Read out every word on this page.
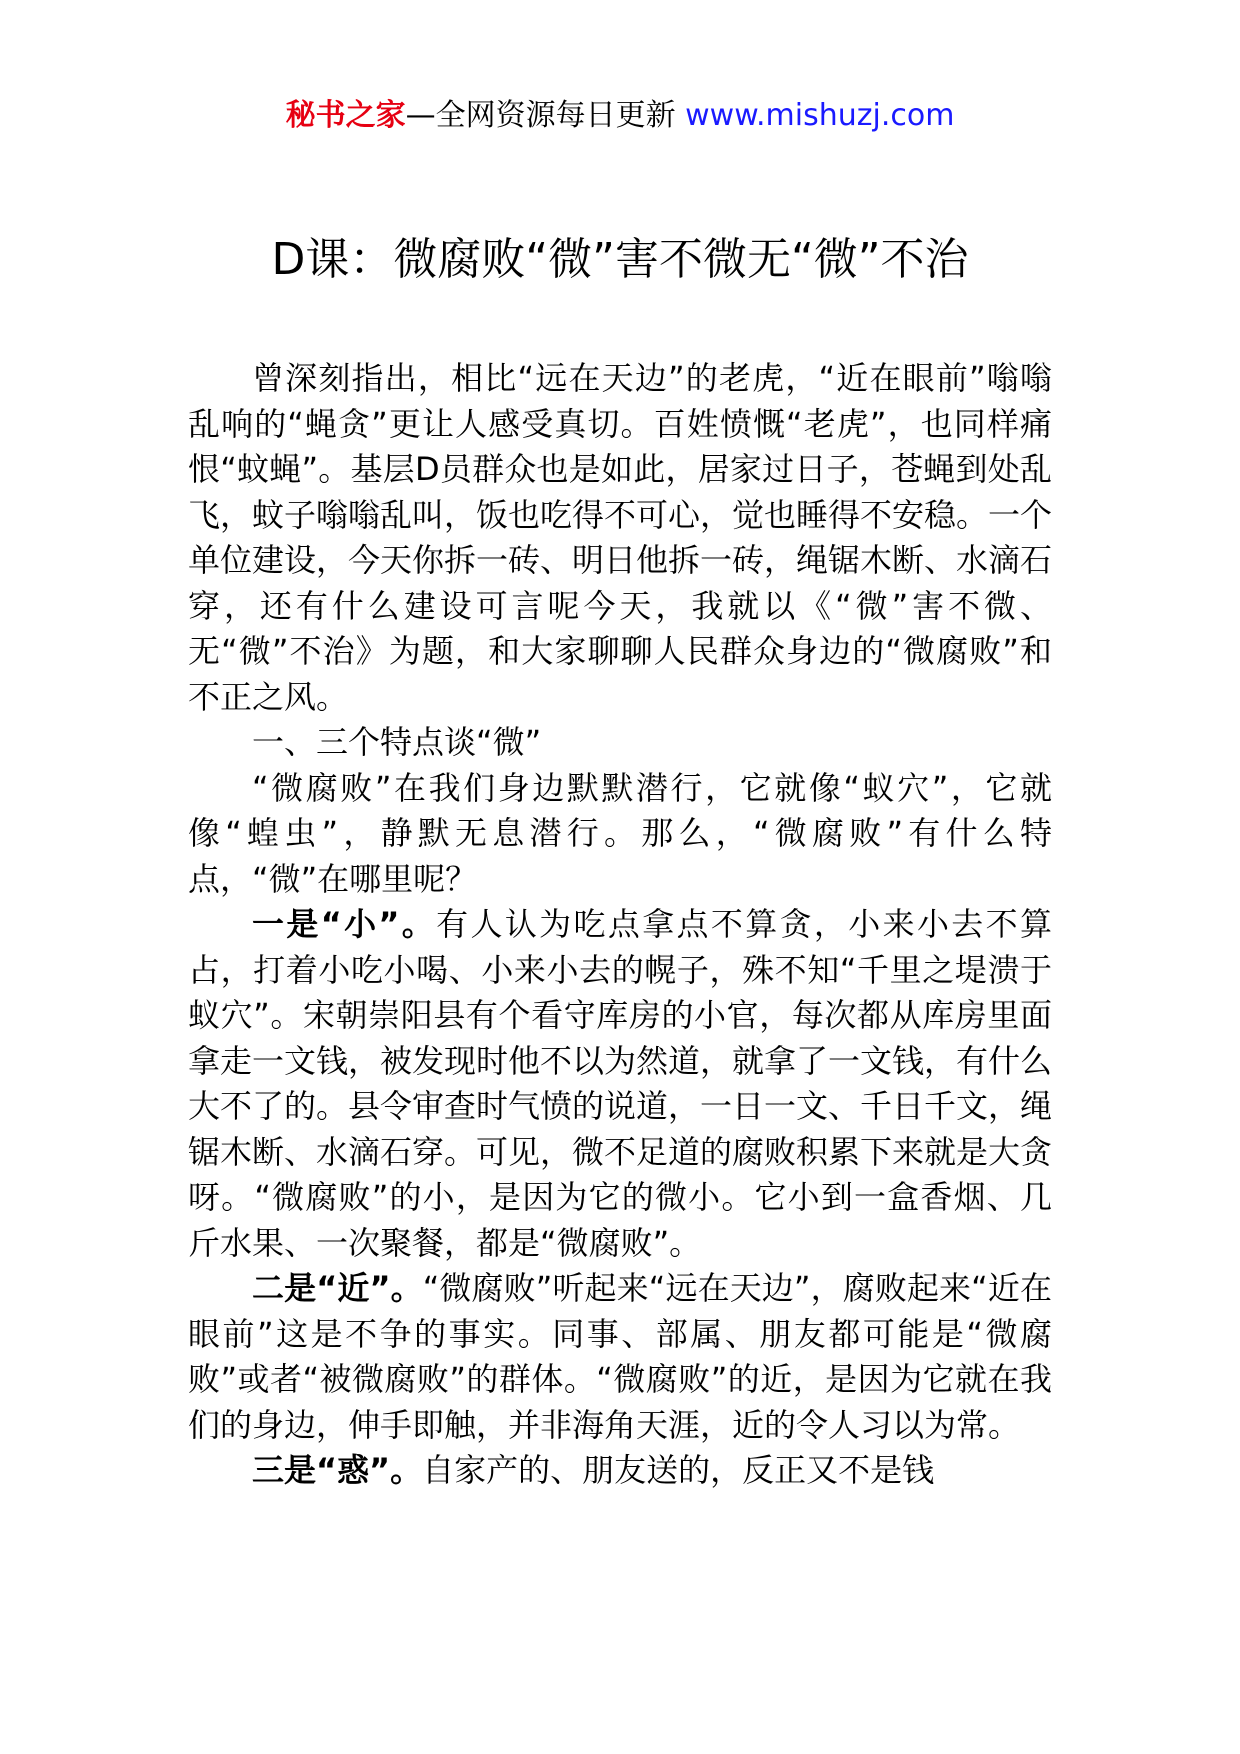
秘书之家—全网资源每日更新 www.mishuzj.com
D课：微腐败“微”害不微无“微”不治

曾深刻指出，相比“远在天边”的老虎，“近在眼前”嗡嗡乱响的“蝇贪”更让人感受真切。百姓愤慨“老虎”，也同样痛恨“蚊蝇”。基层D员群众也是如此，居家过日子，苍蝇到处乱飞，蚊子嗡嗡乱叫，饭也吃得不可心，觉也睡得不安稳。一个单位建设，今天你拆一砖、明日他拆一砖，绳锯木断、水滴石穿，还有什么建设可言呢今天，我就以《“微”害不微、无“微”不治》为题，和大家聊聊人民群众身边的“微腐败”和不正之风。

一、三个特点谈“微”

“微腐败”在我们身边默默潜行，它就像“蚁穴”，它就像“蝗虫”，静默无息潜行。那么，“微腐败”有什么特点，“微”在哪里呢？

一是“小”。有人认为吃点拿点不算贪，小来小去不算占，打着小吃小喝、小来小去的幌子，殊不知“千里之堤溃于蚁穴”。宋朝崇阳县有个看守库房的小官，每次都从库房里面拿走一文钱，被发现时他不以为然道，就拿了一文钱，有什么大不了的。县令审查时气愤的说道，一日一文、千日千文，绳锯木断、水滴石穿。可见，微不足道的腐败积累下来就是大贪呀。“微腐败”的小，是因为它的微小。它小到一盒香烟、几斤水果、一次聚餐，都是“微腐败”。

二是“近”。“微腐败”听起来“远在天边”，腐败起来“近在眼前”这是不争的事实。同事、部属、朋友都可能是“微腐败”或者“被微腐败”的群体。“微腐败”的近，是因为它就在我们的身边，伸手即触，并非海角天涯，近的令人习以为常。

三是“惑”。自家产的、朋友送的，反正又不是钱
